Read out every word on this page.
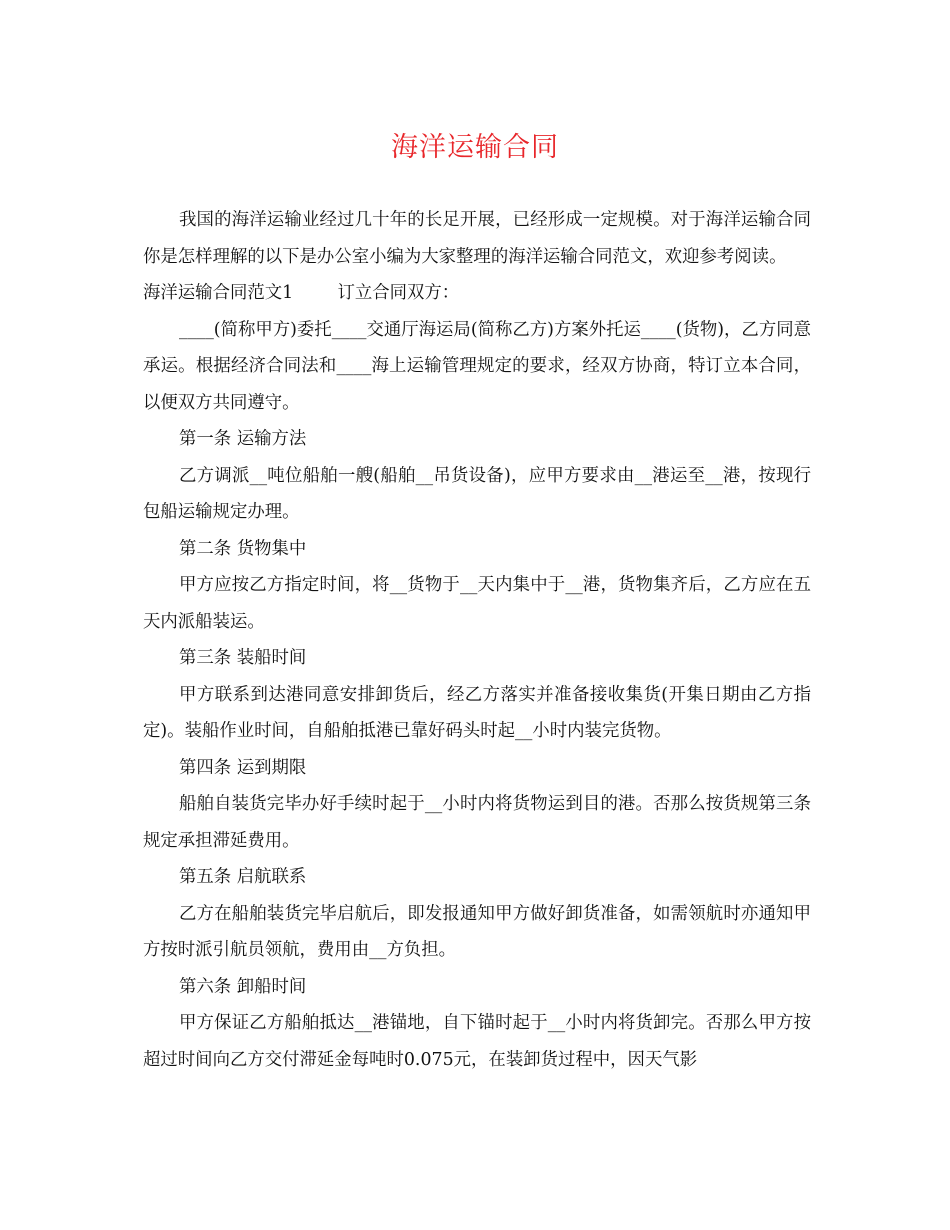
海洋运输合同

我国的海洋运输业经过几十年的长足开展，已经形成一定规模。对于海洋运输合同你是怎样理解的以下是办公室小编为大家整理的海洋运输合同范文，欢迎参考阅读。

海洋运输合同范文1	订立合同双方：

____(简称甲方)委托____交通厅海运局(简称乙方)方案外托运____(货物)，乙方同意承运。根据经济合同法和____海上运输管理规定的要求，经双方协商，特订立本合同，以便双方共同遵守。

第一条 运输方法

乙方调派__吨位船舶一艘(船舶__吊货设备)，应甲方要求由__港运至__港，按现行包船运输规定办理。

第二条 货物集中

甲方应按乙方指定时间，将__货物于__天内集中于__港，货物集齐后，乙方应在五天内派船装运。

第三条 装船时间

甲方联系到达港同意安排卸货后，经乙方落实并准备接收集货(开集日期由乙方指定)。装船作业时间，自船舶抵港已靠好码头时起__小时内装完货物。

第四条 运到期限

船舶自装货完毕办好手续时起于__小时内将货物运到目的港。否那么按货规第三条规定承担滞延费用。

第五条 启航联系

乙方在船舶装货完毕启航后，即发报通知甲方做好卸货准备，如需领航时亦通知甲方按时派引航员领航，费用由__方负担。

第六条 卸船时间

甲方保证乙方船舶抵达__港锚地，自下锚时起于__小时内将货卸完。否那么甲方按超过时间向乙方交付滞延金每吨时0.075元，在装卸货过程中，因天气影
